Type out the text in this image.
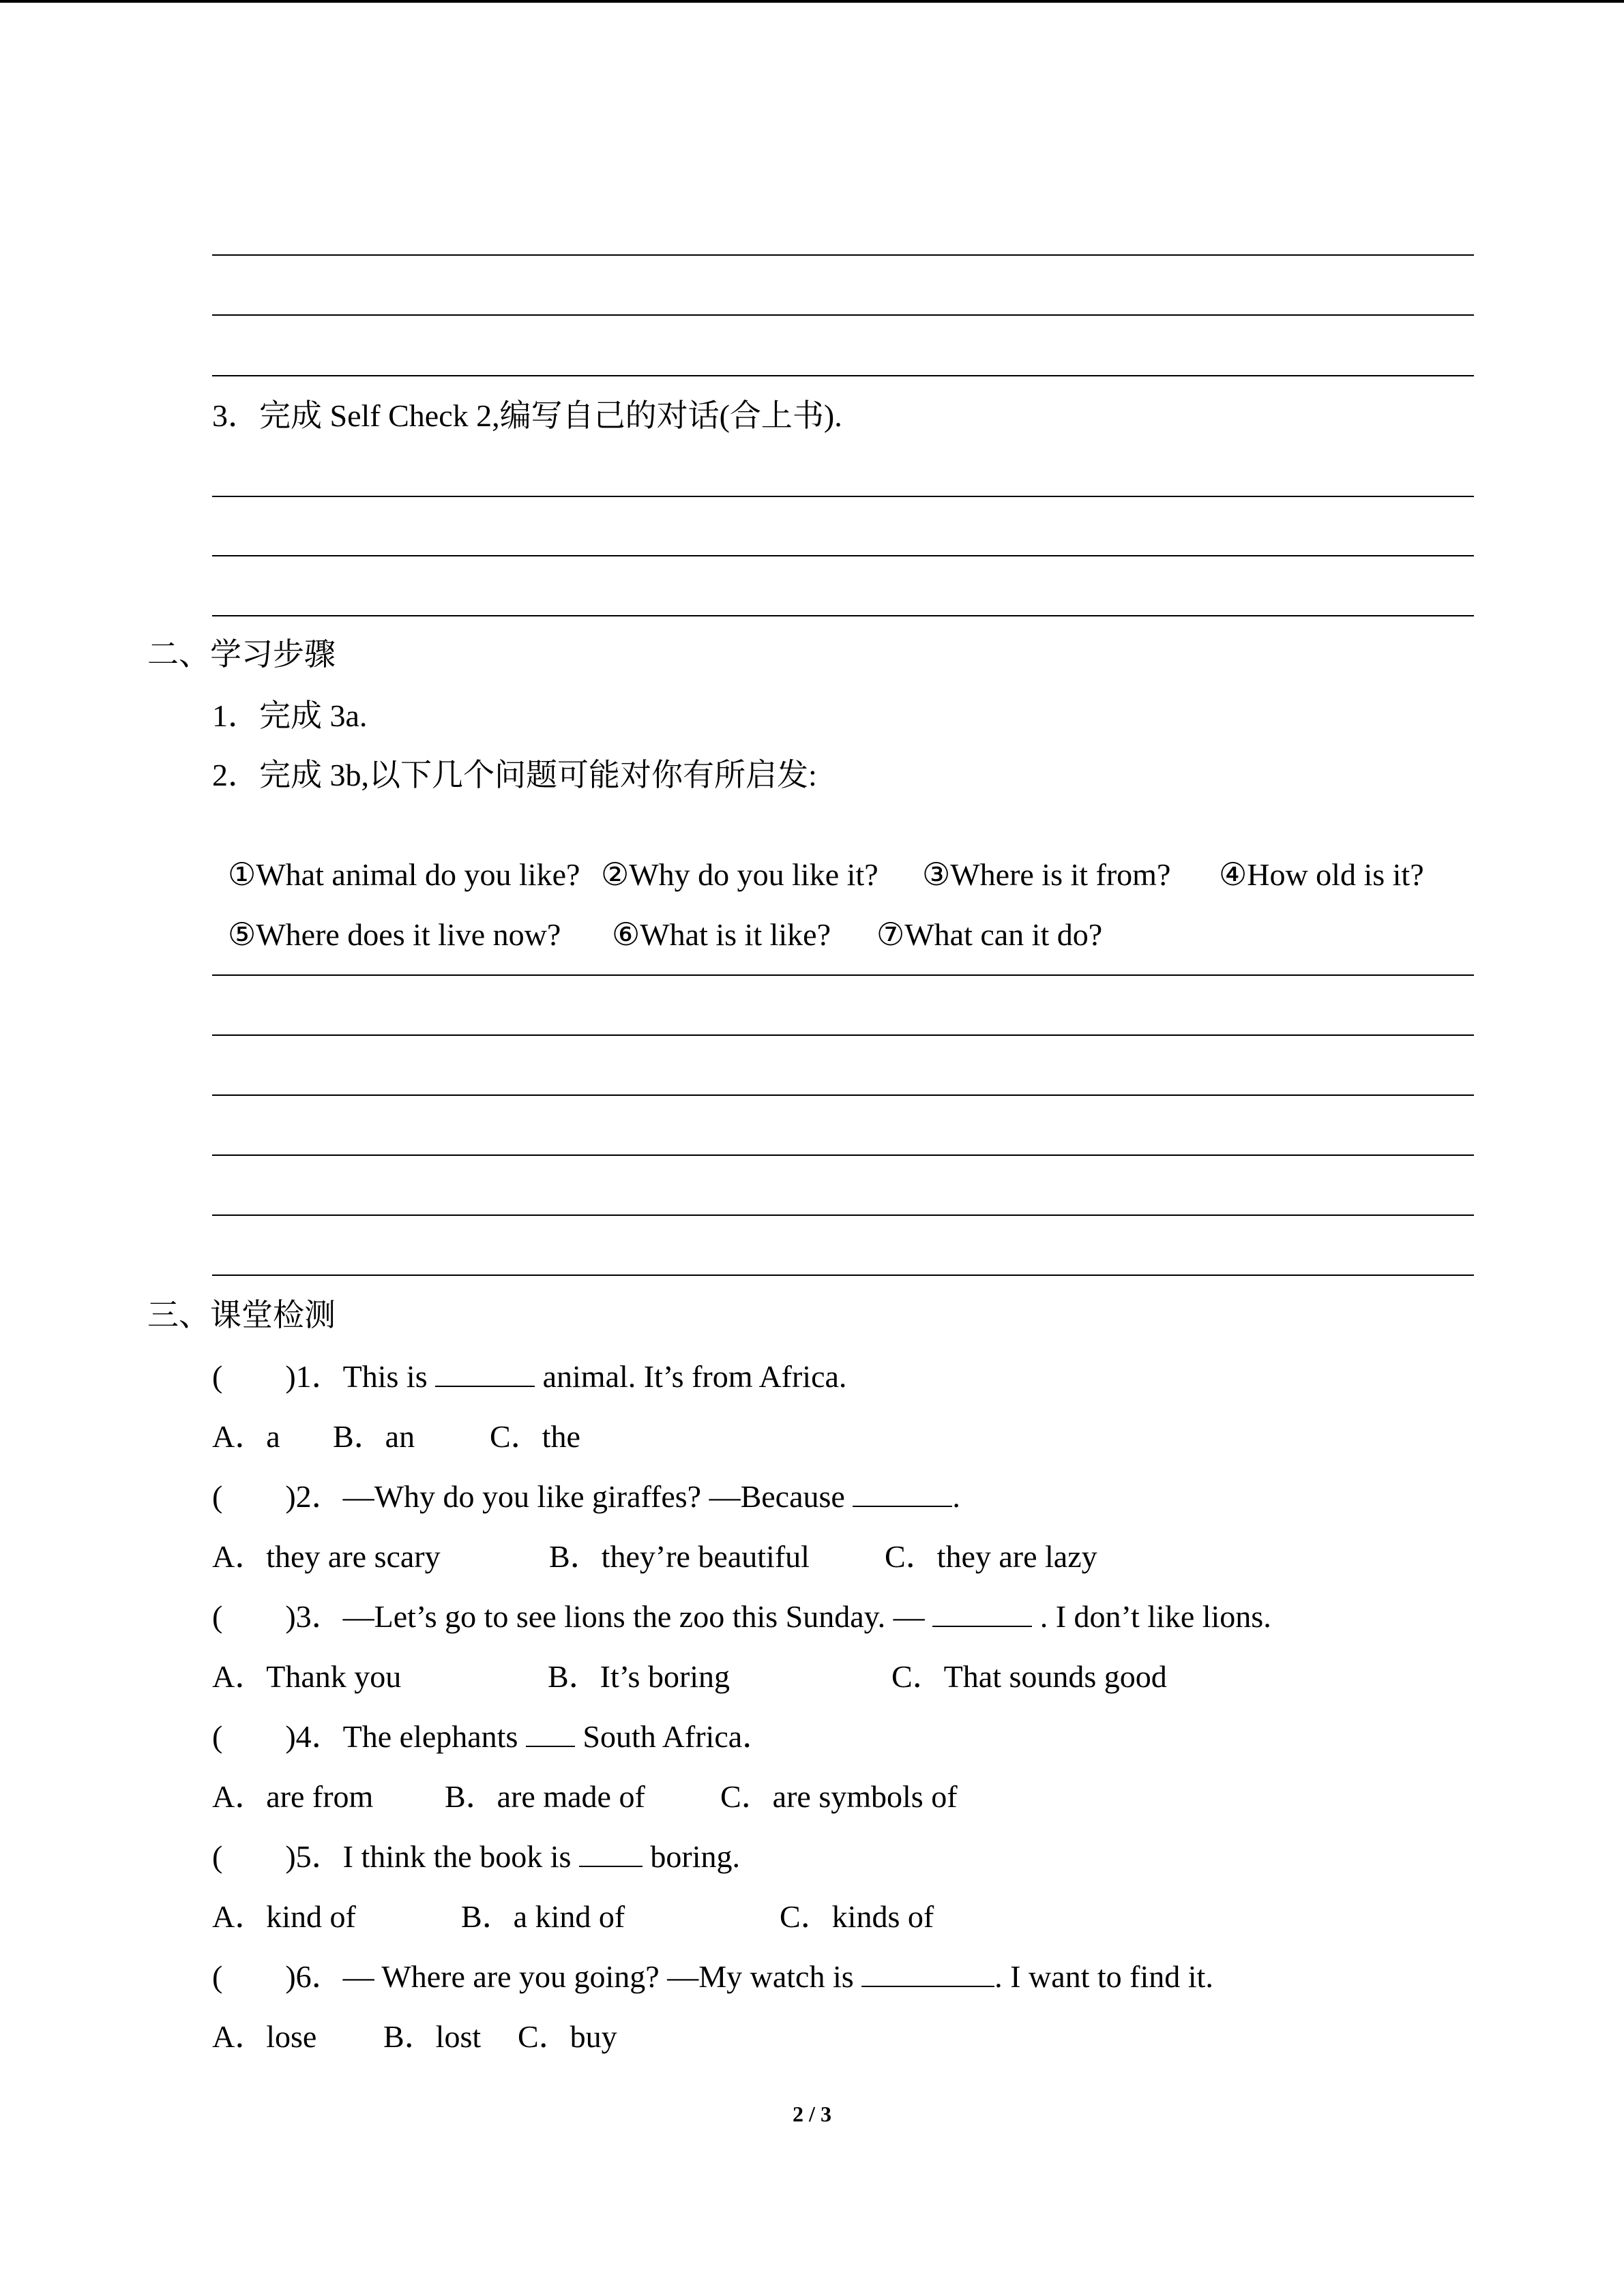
3．完成 Self Check 2,编写自己的对话(合上书).
二、学习步骤
1．完成 3a.
2．完成 3b,以下几个问题可能对你有所启发:

①What animal do you like? ②Why do you like it? ③Where is it from? ④How old is it?

⑤Where does it live now? ⑥What is it like? ⑦What can it do?

三、课堂检测
(        )1．This is	animal. It’s from Africa.
A．a B．an C．the
(        )2．—Why do you like giraffes? —Because	.
A．they are scary	B．they’re beautiful C．they are lazy
(        )3．—Let’s go to see lions the zoo this Sunday. —	. I don’t like lions.
A．Thank you	B．It’s boring	C．That sounds good
(        )4．The elephants  South Africa．
A．are from B．are made of C．are symbols of
(        )5．I think the book is  boring.
A．kind of	B．a kind of	C．kinds of
(        )6．— Where are you going? —My watch is	. I want to find it.
A．lose B．lost C．buy
2 / 3
